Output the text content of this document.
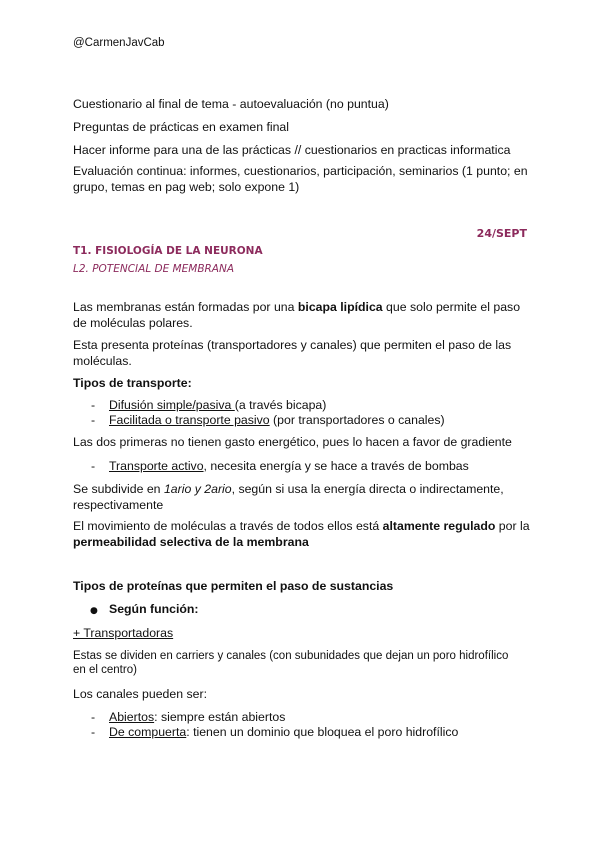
@CarmenJavCab
Cuestionario al final de tema - autoevaluación (no puntua)
Preguntas de prácticas en examen final
Hacer informe para una de las prácticas // cuestionarios en practicas informatica
Evaluación continua: informes, cuestionarios, participación, seminarios (1 punto; en grupo, temas en pag web; solo expone 1)
24/SEPT
T1. FISIOLOGÍA DE LA NEURONA
L2. POTENCIAL DE MEMBRANA
Las membranas están formadas por una bicapa lipídica que solo permite el paso de moléculas polares.
Esta presenta proteínas (transportadores y canales) que permiten el paso de las moléculas.
Tipos de transporte:
- Difusión simple/pasiva (a través bicapa)
- Facilitada o transporte pasivo (por transportadores o canales)
Las dos primeras no tienen gasto energético, pues lo hacen a favor de gradiente
- Transporte activo, necesita energía y se hace a través de bombas
Se subdivide en 1ario y 2ario, según si usa la energía directa o indirectamente, respectivamente
El movimiento de moléculas a través de todos ellos está altamente regulado por la permeabilidad selectiva de la membrana
Tipos de proteínas que permiten el paso de sustancias
● Según función:
+ Transportadoras
Estas se dividen en carriers y canales (con subunidades que dejan un poro hidrofílico en el centro)
Los canales pueden ser:
- Abiertos: siempre están abiertos
- De compuerta: tienen un dominio que bloquea el poro hidrofílico
